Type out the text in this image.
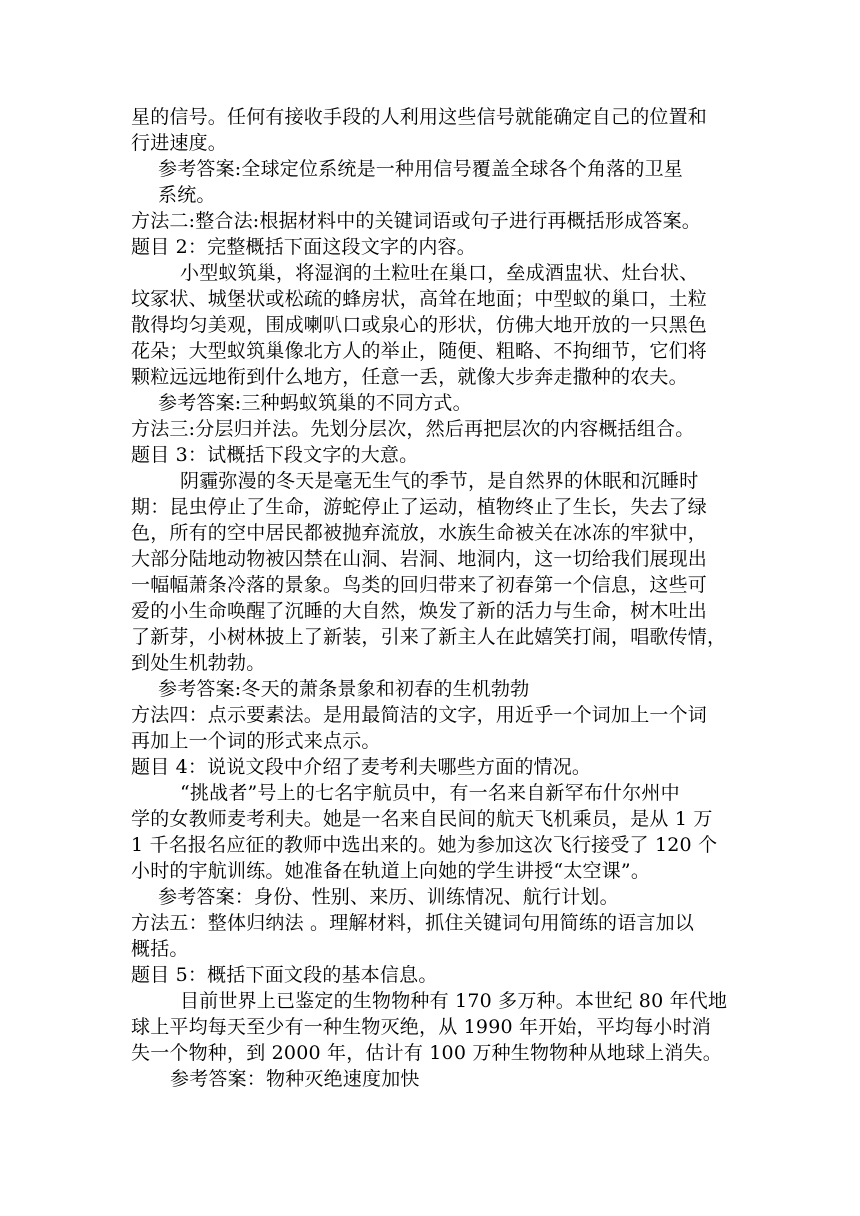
星的信号。任何有接收手段的人利用这些信号就能确定自己的位置和
行进速度。
参考答案:全球定位系统是一种用信号覆盖全球各个角落的卫星
系统。
方法二:整合法:根据材料中的关键词语或句子进行再概括形成答案。
题目 2：完整概括下面这段文字的内容。
小型蚁筑巢，将湿润的土粒吐在巢口，垒成酒盅状、灶台状、
坟冢状、城堡状或松疏的蜂房状，高耸在地面；中型蚁的巢口，土粒
散得均匀美观，围成喇叭口或泉心的形状，仿佛大地开放的一只黑色
花朵；大型蚁筑巢像北方人的举止，随便、粗略、不拘细节，它们将
颗粒远远地衔到什么地方，任意一丢，就像大步奔走撒种的农夫。
参考答案:三种蚂蚁筑巢的不同方式。
方法三:分层归并法。先划分层次，然后再把层次的内容概括组合。
题目 3：试概括下段文字的大意。
阴霾弥漫的冬天是毫无生气的季节，是自然界的休眠和沉睡时
期：昆虫停止了生命，游蛇停止了运动，植物终止了生长，失去了绿
色，所有的空中居民都被抛弃流放，水族生命被关在冰冻的牢狱中，
大部分陆地动物被囚禁在山洞、岩洞、地洞内，这一切给我们展现出
一幅幅萧条冷落的景象。鸟类的回归带来了初春第一个信息，这些可
爱的小生命唤醒了沉睡的大自然，焕发了新的活力与生命，树木吐出
了新芽，小树林披上了新装，引来了新主人在此嬉笑打闹，唱歌传情，
到处生机勃勃。
参考答案:冬天的萧条景象和初春的生机勃勃
方法四：点示要素法。是用最简洁的文字，用近乎一个词加上一个词
再加上一个词的形式来点示。
题目 4：说说文段中介绍了麦考利夫哪些方面的情况。
“挑战者”号上的七名宇航员中，有一名来自新罕布什尔州中
学的女教师麦考利夫。她是一名来自民间的航天飞机乘员，是从 1 万
1 千名报名应征的教师中选出来的。她为参加这次飞行接受了 120 个
小时的宇航训练。她准备在轨道上向她的学生讲授“太空课”。
参考答案：身份、性别、来历、训练情况、航行计划。
方法五：整体归纳法 。理解材料，抓住关键词句用简练的语言加以
概括。
题目 5：概括下面文段的基本信息。
目前世界上已鉴定的生物物种有 170 多万种。本世纪 80 年代地
球上平均每天至少有一种生物灭绝，从 1990 年开始，平均每小时消
失一个物种，到 2000 年，估计有 100 万种生物物种从地球上消失。
参考答案：物种灭绝速度加快
